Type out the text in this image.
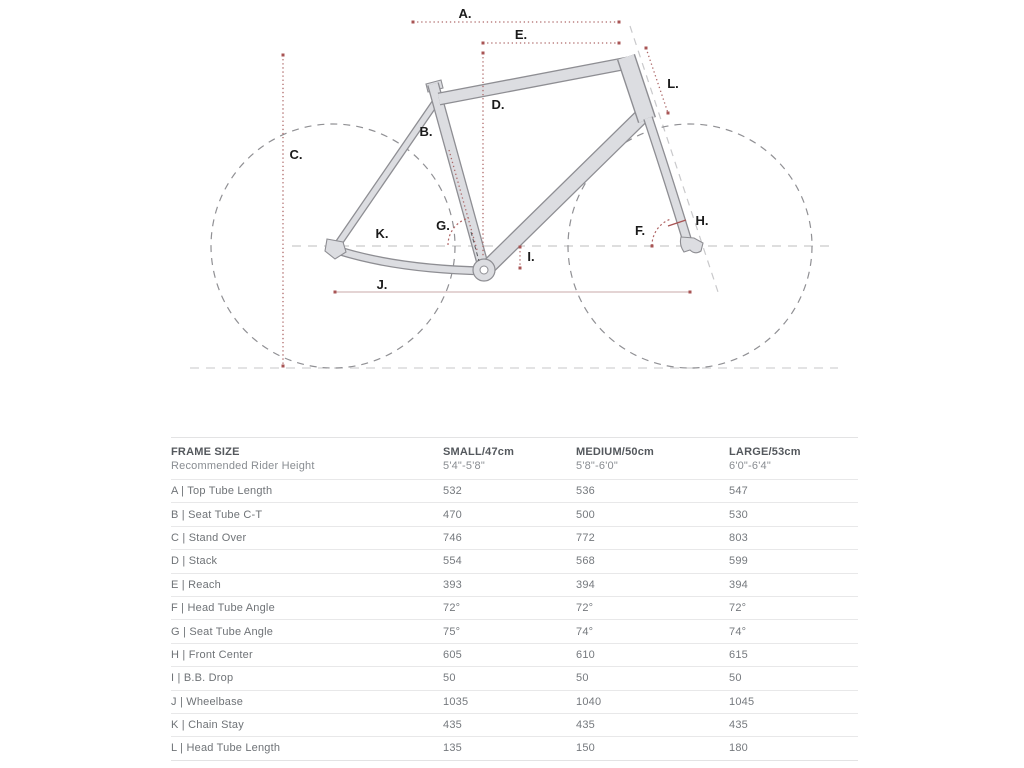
A.
E.
L.
D.
B.
C.
G.
K.
I.
F.
H.
J.
FRAME SIZE	SMALL/47cm	MEDIUM/50cm	LARGE/53cm
Recommended Rider Height	5'4"-5'8"	5'8"-6'0"	6'0"-6'4"
A | Top Tube Length	532	536	547
B | Seat Tube C-T	470	500	530
C | Stand Over	746	772	803
D | Stack	554	568	599
E | Reach	393	394	394
F | Head Tube Angle	72°	72°	72°
G | Seat Tube Angle	75°	74°	74°
H | Front Center	605	610	615
I | B.B. Drop	50	50	50
J | Wheelbase	1035	1040	1045
K | Chain Stay	435	435	435
L | Head Tube Length	135	150	180
